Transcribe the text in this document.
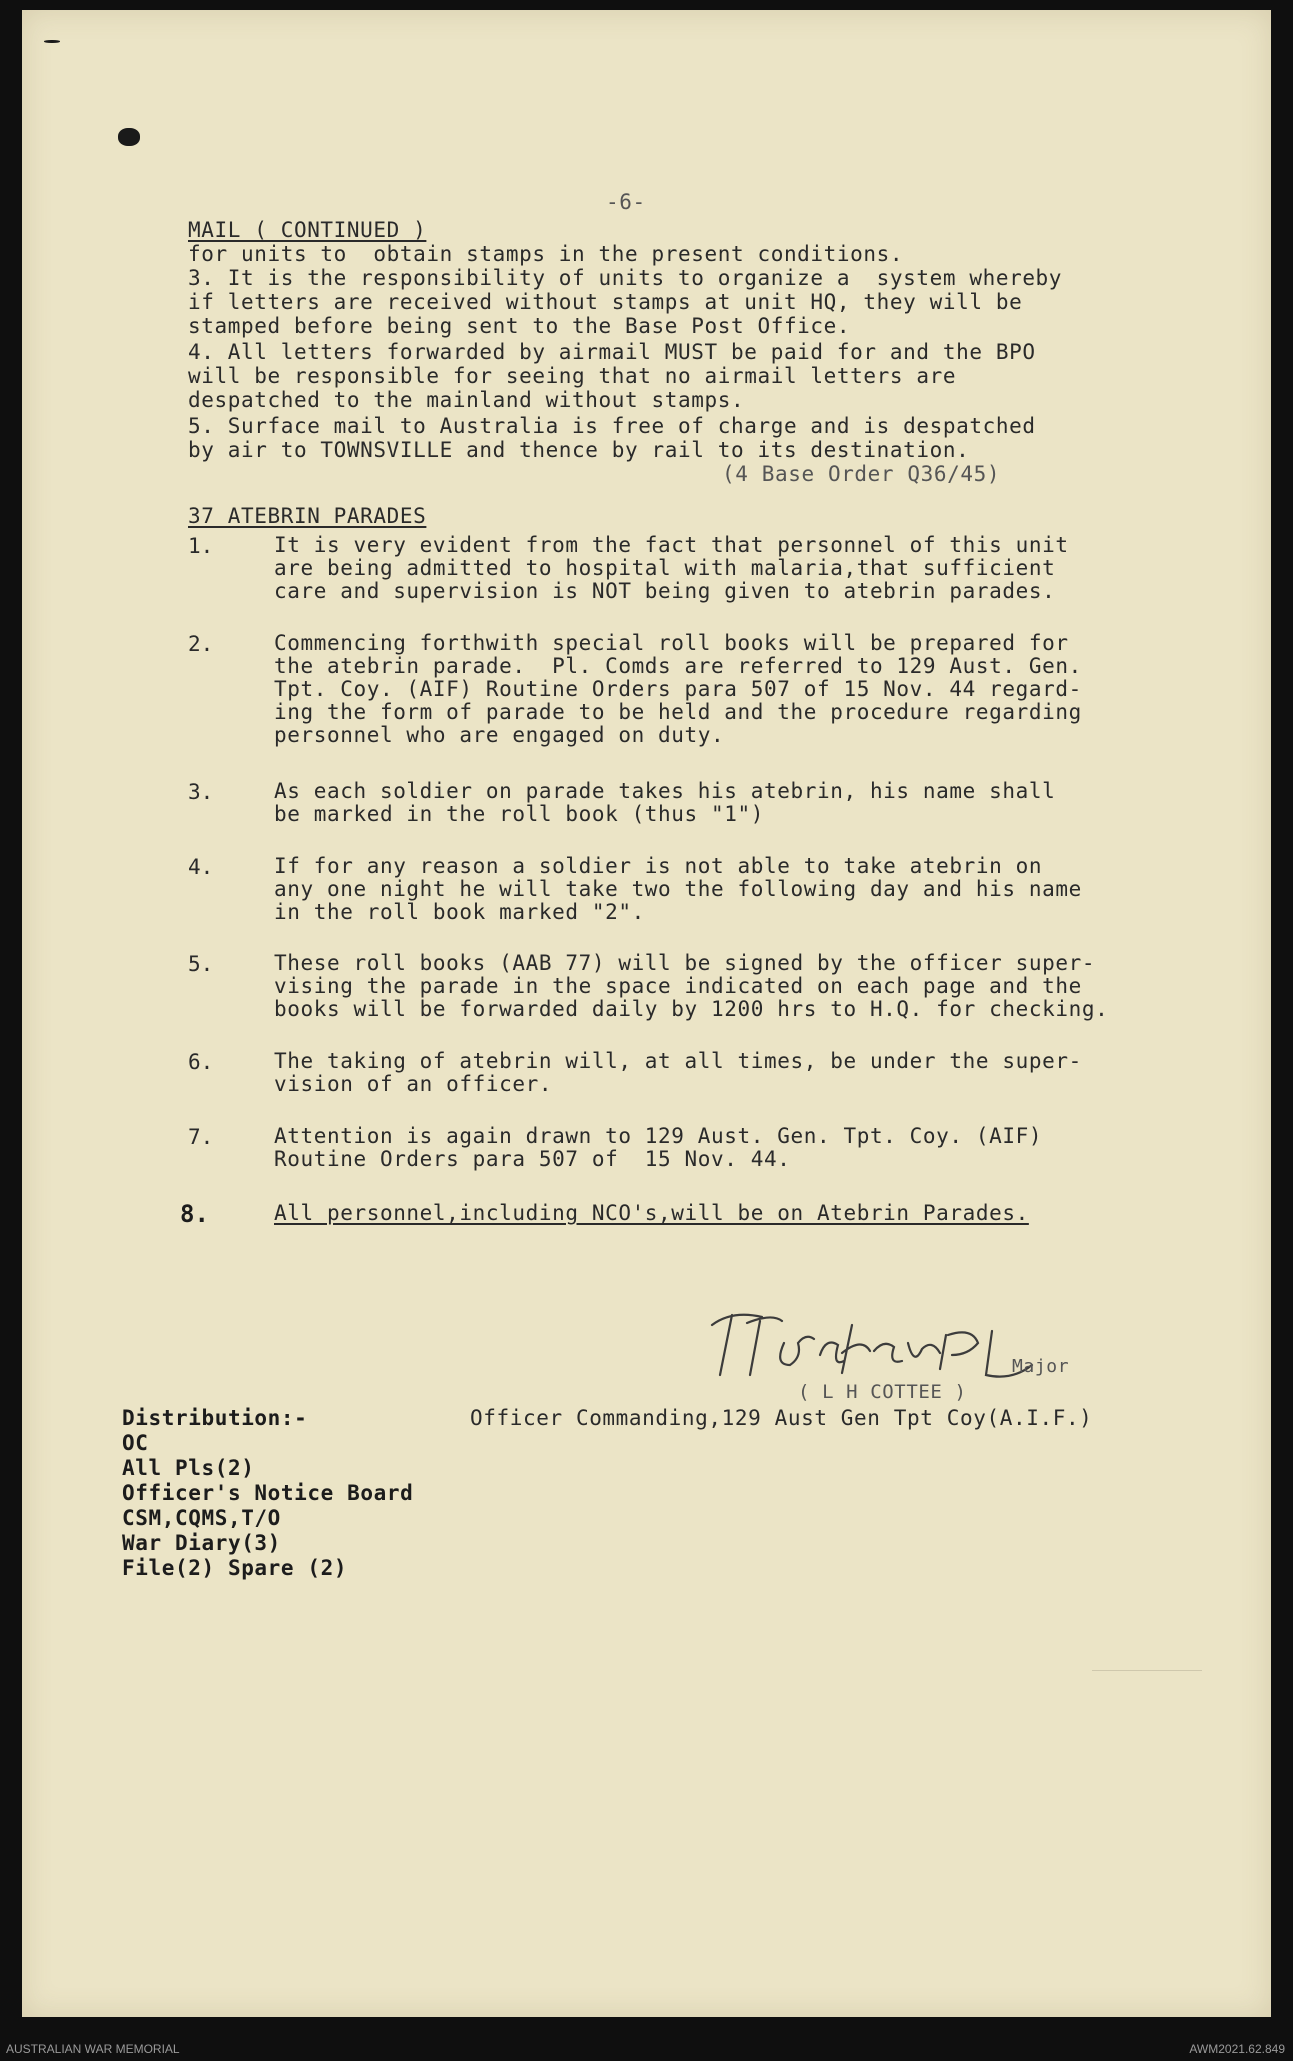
-6-
MAIL ( CONTINUED )
for units to  obtain stamps in the present conditions.
3. It is the responsibility of units to organize a  system whereby
if letters are received without stamps at unit HQ, they will be
stamped before being sent to the Base Post Office.
4. All letters forwarded by airmail MUST be paid for and the BPO
will be responsible for seeing that no airmail letters are
despatched to the mainland without stamps.
5. Surface mail to Australia is free of charge and is despatched
by air to TOWNSVILLE and thence by rail to its destination.
(4 Base Order Q36/45)
37 ATEBRIN PARADES
1.	It is very evident from the fact that personnel of this unit
are being admitted to hospital with malaria,that sufficient
care and supervision is NOT being given to atebrin parades.
2.	Commencing forthwith special roll books will be prepared for
the atebrin parade.  Pl. Comds are referred to 129 Aust. Gen.
Tpt. Coy. (AIF) Routine Orders para 507 of 15 Nov. 44 regard-
ing the form of parade to be held and the procedure regarding
personnel who are engaged on duty.
3.	As each soldier on parade takes his atebrin, his name shall
be marked in the roll book (thus "1")
4.	If for any reason a soldier is not able to take atebrin on
any one night he will take two the following day and his name
in the roll book marked "2".
5.	These roll books (AAB 77) will be signed by the officer super-
vising the parade in the space indicated on each page and the
books will be forwarded daily by 1200 hrs to H.Q. for checking.
6.	The taking of atebrin will, at all times, be under the super-
vision of an officer.
7.	Attention is again drawn to 129 Aust. Gen. Tpt. Coy. (AIF)
Routine Orders para 507 of  15 Nov. 44.
8.	All personnel,including NCO's,will be on Atebrin Parades.
Major
( L H COTTEE )
Officer Commanding,129 Aust Gen Tpt Coy(A.I.F.)
Distribution:-
OC
All Pls(2)
Officer's Notice Board
CSM,CQMS,T/O
War Diary(3)
File(2) Spare (2)
AUSTRALIAN WAR MEMORIAL	AWM2021.62.849
